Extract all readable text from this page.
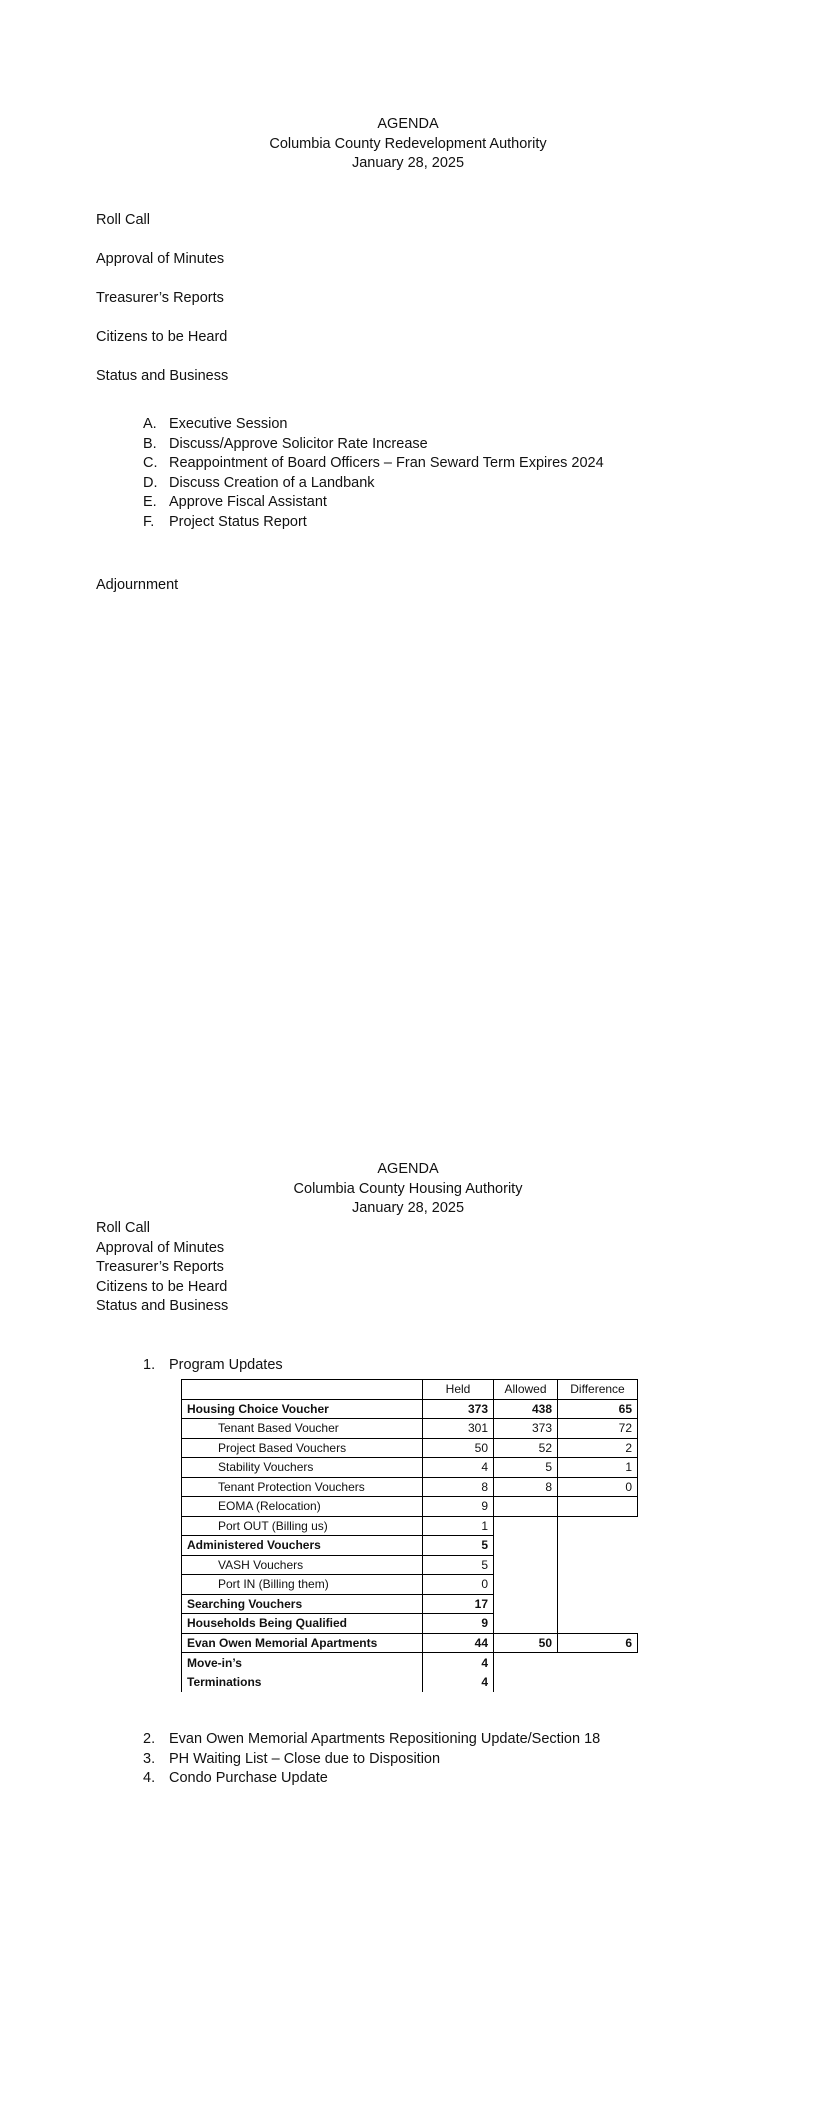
AGENDA
Columbia County Redevelopment Authority
January 28, 2025
Roll Call
Approval of Minutes
Treasurer’s Reports
Citizens to be Heard
Status and Business
A. Executive Session
B. Discuss/Approve Solicitor Rate Increase
C. Reappointment of Board Officers – Fran Seward Term Expires 2024
D. Discuss Creation of a Landbank
E. Approve Fiscal Assistant
F.	Project Status Report
Adjournment
AGENDA
Columbia County Housing Authority
January 28, 2025
Roll Call
Approval of Minutes
Treasurer’s Reports
Citizens to be Heard
Status and Business
1. Program Updates
	Held	Allowed	Difference
Housing Choice Voucher	373	438	65
Tenant Based Voucher	301	373	72
Project Based Vouchers	50	52	2
Stability Vouchers	4	5	1
Tenant Protection Vouchers	8	8	0
EOMA (Relocation)	9		
Port OUT (Billing us)	1		
Administered Vouchers	5		
VASH Vouchers	5		
Port IN (Billing them)	0		
Searching Vouchers	17		
Households Being Qualified	9		
Evan Owen Memorial Apartments	44	50	6
Move-in’s	4		
Terminations	4		
2. Evan Owen Memorial Apartments Repositioning Update/Section 18
3. PH Waiting List – Close due to Disposition
4. Condo Purchase Update
